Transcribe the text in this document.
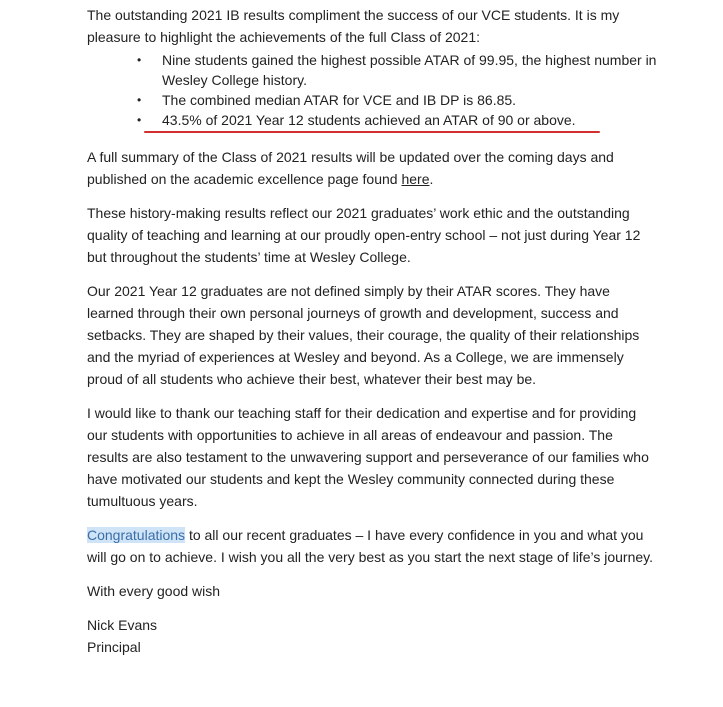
The outstanding 2021 IB results compliment the success of our VCE students. It is my pleasure to highlight the achievements of the full Class of 2021:

• Nine students gained the highest possible ATAR of 99.95, the highest number in Wesley College history.
• The combined median ATAR for VCE and IB DP is 86.85.
• 43.5% of 2021 Year 12 students achieved an ATAR of 90 or above.

A full summary of the Class of 2021 results will be updated over the coming days and published on the academic excellence page found here.

These history-making results reflect our 2021 graduates’ work ethic and the outstanding quality of teaching and learning at our proudly open-entry school – not just during Year 12 but throughout the students’ time at Wesley College.

Our 2021 Year 12 graduates are not defined simply by their ATAR scores. They have learned through their own personal journeys of growth and development, success and setbacks. They are shaped by their values, their courage, the quality of their relationships and the myriad of experiences at Wesley and beyond. As a College, we are immensely proud of all students who achieve their best, whatever their best may be.

I would like to thank our teaching staff for their dedication and expertise and for providing our students with opportunities to achieve in all areas of endeavour and passion. The results are also testament to the unwavering support and perseverance of our families who have motivated our students and kept the Wesley community connected during these tumultuous years.

Congratulations to all our recent graduates – I have every confidence in you and what you will go on to achieve. I wish you all the very best as you start the next stage of life’s journey.

With every good wish

Nick Evans
Principal
